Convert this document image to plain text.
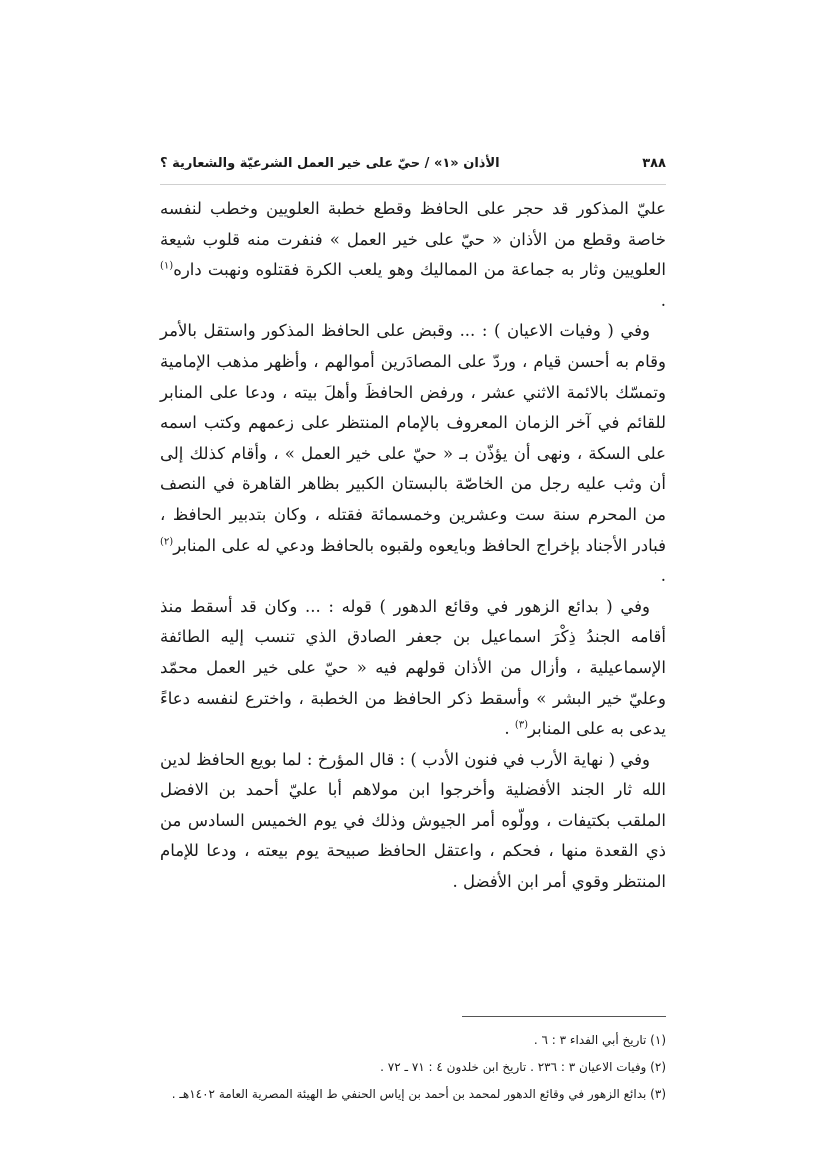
٣٨٨
الأذان «١» / حيّ على خير العمل الشرعيّة والشعارية ؟

عليّ المذكور قد حجر على الحافظ وقطع خطبة العلويين وخطب لنفسه خاصة وقطع من الأذان « حيّ على خير العمل » فنفرت منه قلوب شيعة العلويين وثار به جماعة من المماليك وهو يلعب الكرة فقتلوه ونهبت داره$^{(١)}$ .

وفي ( وفيات الاعيان ) : ... وقبض على الحافظ المذكور واستقل بالأمر وقام به أحسن قيام ، وردّ على المصادَرين أموالهم ، وأظهر مذهب الإمامية وتمسّك بالائمة الاثني عشر ، ورفض الحافظَ وأهلَ بيته ، ودعا على المنابر للقائم في آخر الزمان المعروف بالإمام المنتظر على زعمهم وكتب اسمه على السكة ، ونهى أن يؤذّن بـ « حيّ على خير العمل » ، وأقام كذلك إلى أن وثب عليه رجل من الخاصّة بالبستان الكبير بظاهر القاهرة في النصف من المحرم سنة ست وعشرين وخمسمائة فقتله ، وكان بتدبير الحافظ ، فبادر الأجناد بإخراج الحافظ وبايعوه ولقبوه بالحافظ ودعي له على المنابر$^{(٢)}$ .

وفي ( بدائع الزهور في وقائع الدهور ) قوله : ... وكان قد أسقط منذ أقامه الجندُ ذِكْرَ اسماعيل بن جعفر الصادق الذي تنسب إليه الطائفة الإسماعيلية ، وأزال من الأذان قولهم فيه « حيّ على خير العمل محمّد وعليّ خير البشر » وأسقط ذكر الحافظ من الخطبة ، واخترع لنفسه دعاءً يدعى به على المنابر$^{(٣)}$ .

وفي ( نهاية الأرب في فنون الأدب ) : قال المؤرخ : لما بويع الحافظ لدين الله ثار الجند الأفضلية وأخرجوا ابن مولاهم أبا عليّ أحمد بن الافضل الملقب بكتيفات ، وولّوه أمر الجيوش وذلك في يوم الخميس السادس من ذي القعدة منها ، فحكم ، واعتقل الحافظ صبيحة يوم بيعته ، ودعا للإمام المنتظر وقوي أمر ابن الأفضل .

(١) تاريخ أبي الفداء ٣ : ٦ .
(٢) وفيات الاعيان ٣ : ٢٣٦ . تاريخ ابن خلدون ٤ : ٧١ ـ ٧٢ .
(٣) بدائع الزهور في وقائع الدهور لمحمد بن أحمد بن إياس الحنفي ط الهيئة المصرية العامة ١٤٠٢هـ .
